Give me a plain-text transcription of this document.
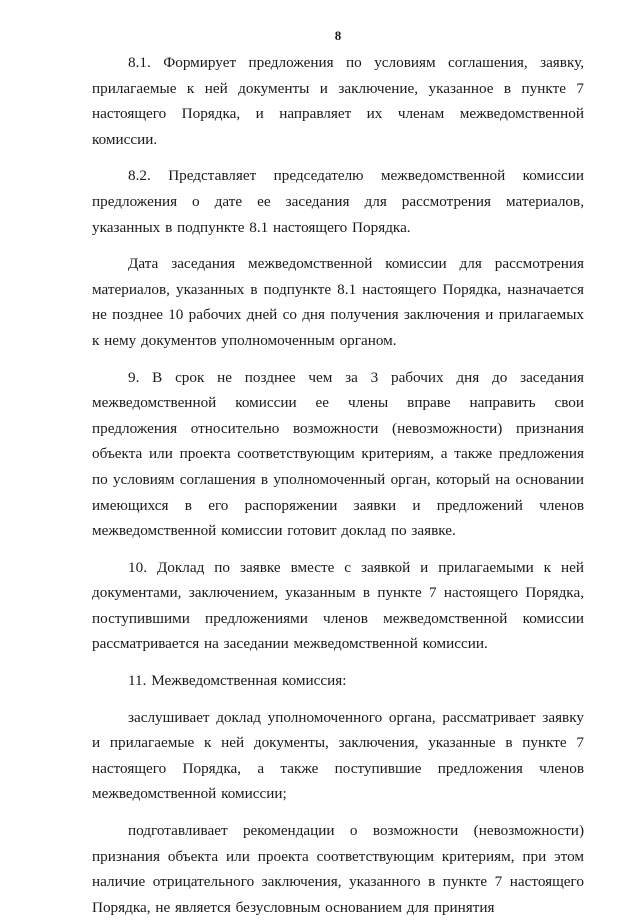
8

8.1. Формирует предложения по условиям соглашения, заявку, прилагаемые к ней документы и заключение, указанное в пункте 7 настоящего Порядка, и направляет их членам межведомственной комиссии.

8.2. Представляет председателю межведомственной комиссии предложения о дате ее заседания для рассмотрения материалов, указанных в подпункте 8.1 настоящего Порядка.

Дата заседания межведомственной комиссии для рассмотрения материалов, указанных в подпункте 8.1 настоящего Порядка, назначается не позднее 10 рабочих дней со дня получения заключения и прилагаемых к нему документов уполномоченным органом.

9. В срок не позднее чем за 3 рабочих дня до заседания межведомственной комиссии ее члены вправе направить свои предложения относительно возможности (невозможности) признания объекта или проекта соответствующим критериям, а также предложения по условиям соглашения в уполномоченный орган, который на основании имеющихся в его распоряжении заявки и предложений членов межведомственной комиссии готовит доклад по заявке.

10. Доклад по заявке вместе с заявкой и прилагаемыми к ней документами, заключением, указанным в пункте 7 настоящего Порядка, поступившими предложениями членов межведомственной комиссии рассматривается на заседании межведомственной комиссии.

11. Межведомственная комиссия:

заслушивает доклад уполномоченного органа, рассматривает заявку и прилагаемые к ней документы, заключения, указанные в пункте 7 настоящего Порядка, а также поступившие предложения членов межведомственной комиссии;

подготавливает рекомендации о возможности (невозможности) признания объекта или проекта соответствующим критериям, при этом наличие отрицательного заключения, указанного в пункте 7 настоящего Порядка, не является безусловным основанием для принятия
